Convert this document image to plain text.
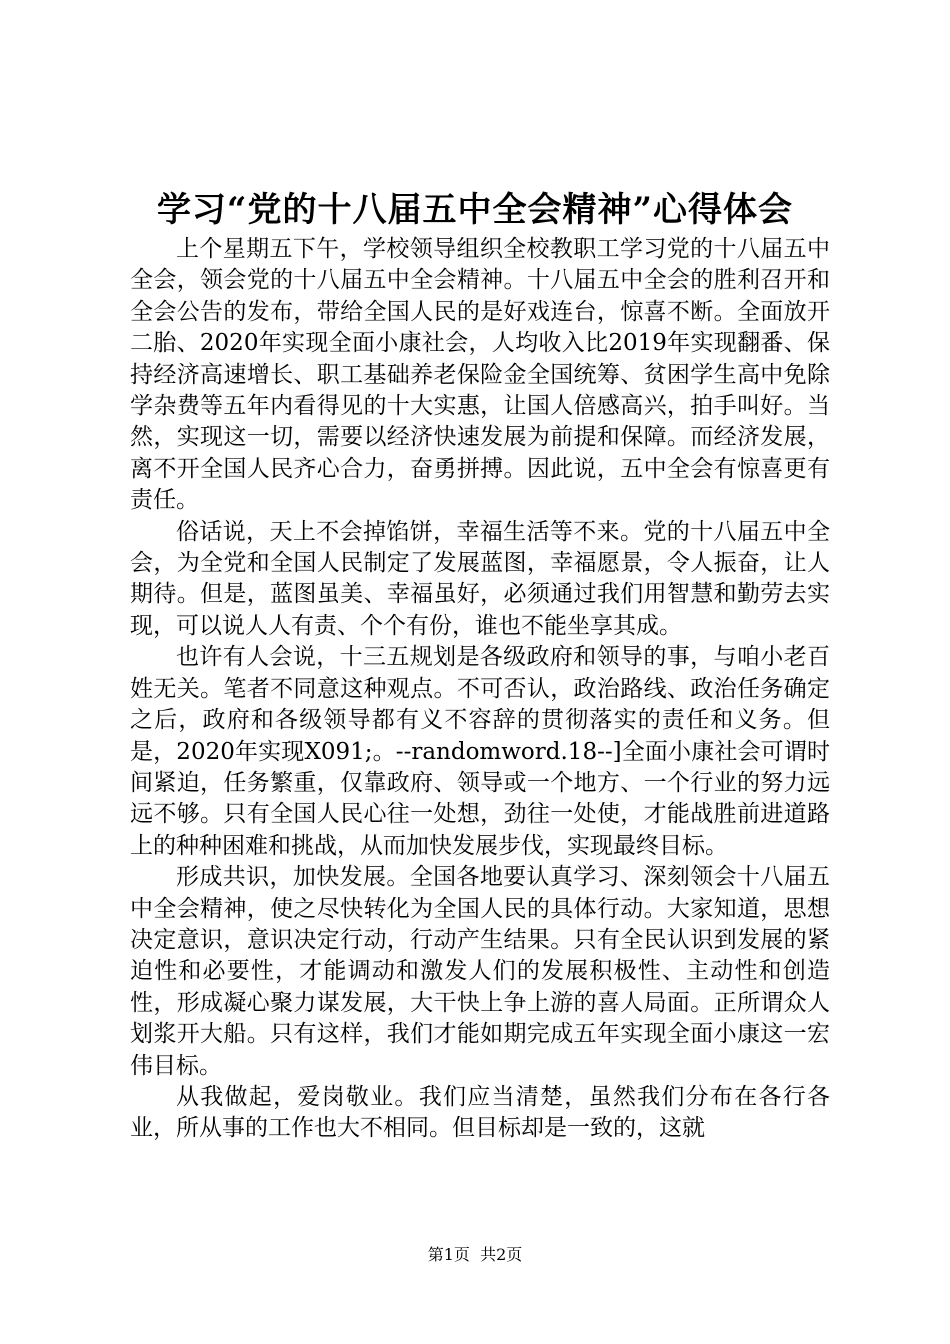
学习“党的十八届五中全会精神”心得体会

上个星期五下午，学校领导组织全校教职工学习党的十八届五中全会，领会党的十八届五中全会精神。十八届五中全会的胜利召开和全会公告的发布，带给全国人民的是好戏连台，惊喜不断。全面放开二胎、2020年实现全面小康社会，人均收入比2019年实现翻番、保持经济高速增长、职工基础养老保险金全国统筹、贫困学生高中免除学杂费等五年内看得见的十大实惠，让国人倍感高兴，拍手叫好。当然，实现这一切，需要以经济快速发展为前提和保障。而经济发展，离不开全国人民齐心合力，奋勇拼搏。因此说，五中全会有惊喜更有责任。

俗话说，天上不会掉馅饼，幸福生活等不来。党的十八届五中全会，为全党和全国人民制定了发展蓝图，幸福愿景，令人振奋，让人期待。但是，蓝图虽美、幸福虽好，必须通过我们用智慧和勤劳去实现，可以说人人有责、个个有份，谁也不能坐享其成。

也许有人会说，十三五规划是各级政府和领导的事，与咱小老百姓无关。笔者不同意这种观点。不可否认，政治路线、政治任务确定之后，政府和各级领导都有义不容辞的贯彻落实的责任和义务。但是，2020年实现X091;。--randomword.18--]全面小康社会可谓时间紧迫，任务繁重，仅靠政府、领导或一个地方、一个行业的努力远远不够。只有全国人民心往一处想，劲往一处使，才能战胜前进道路上的种种困难和挑战，从而加快发展步伐，实现最终目标。

形成共识，加快发展。全国各地要认真学习、深刻领会十八届五中全会精神，使之尽快转化为全国人民的具体行动。大家知道，思想决定意识，意识决定行动，行动产生结果。只有全民认识到发展的紧迫性和必要性，才能调动和激发人们的发展积极性、主动性和创造性，形成凝心聚力谋发展，大干快上争上游的喜人局面。正所谓众人划浆开大船。只有这样，我们才能如期完成五年实现全面小康这一宏伟目标。

从我做起，爱岗敬业。我们应当清楚，虽然我们分布在各行各业，所从事的工作也大不相同。但目标却是一致的，这就

第1页  共2页
